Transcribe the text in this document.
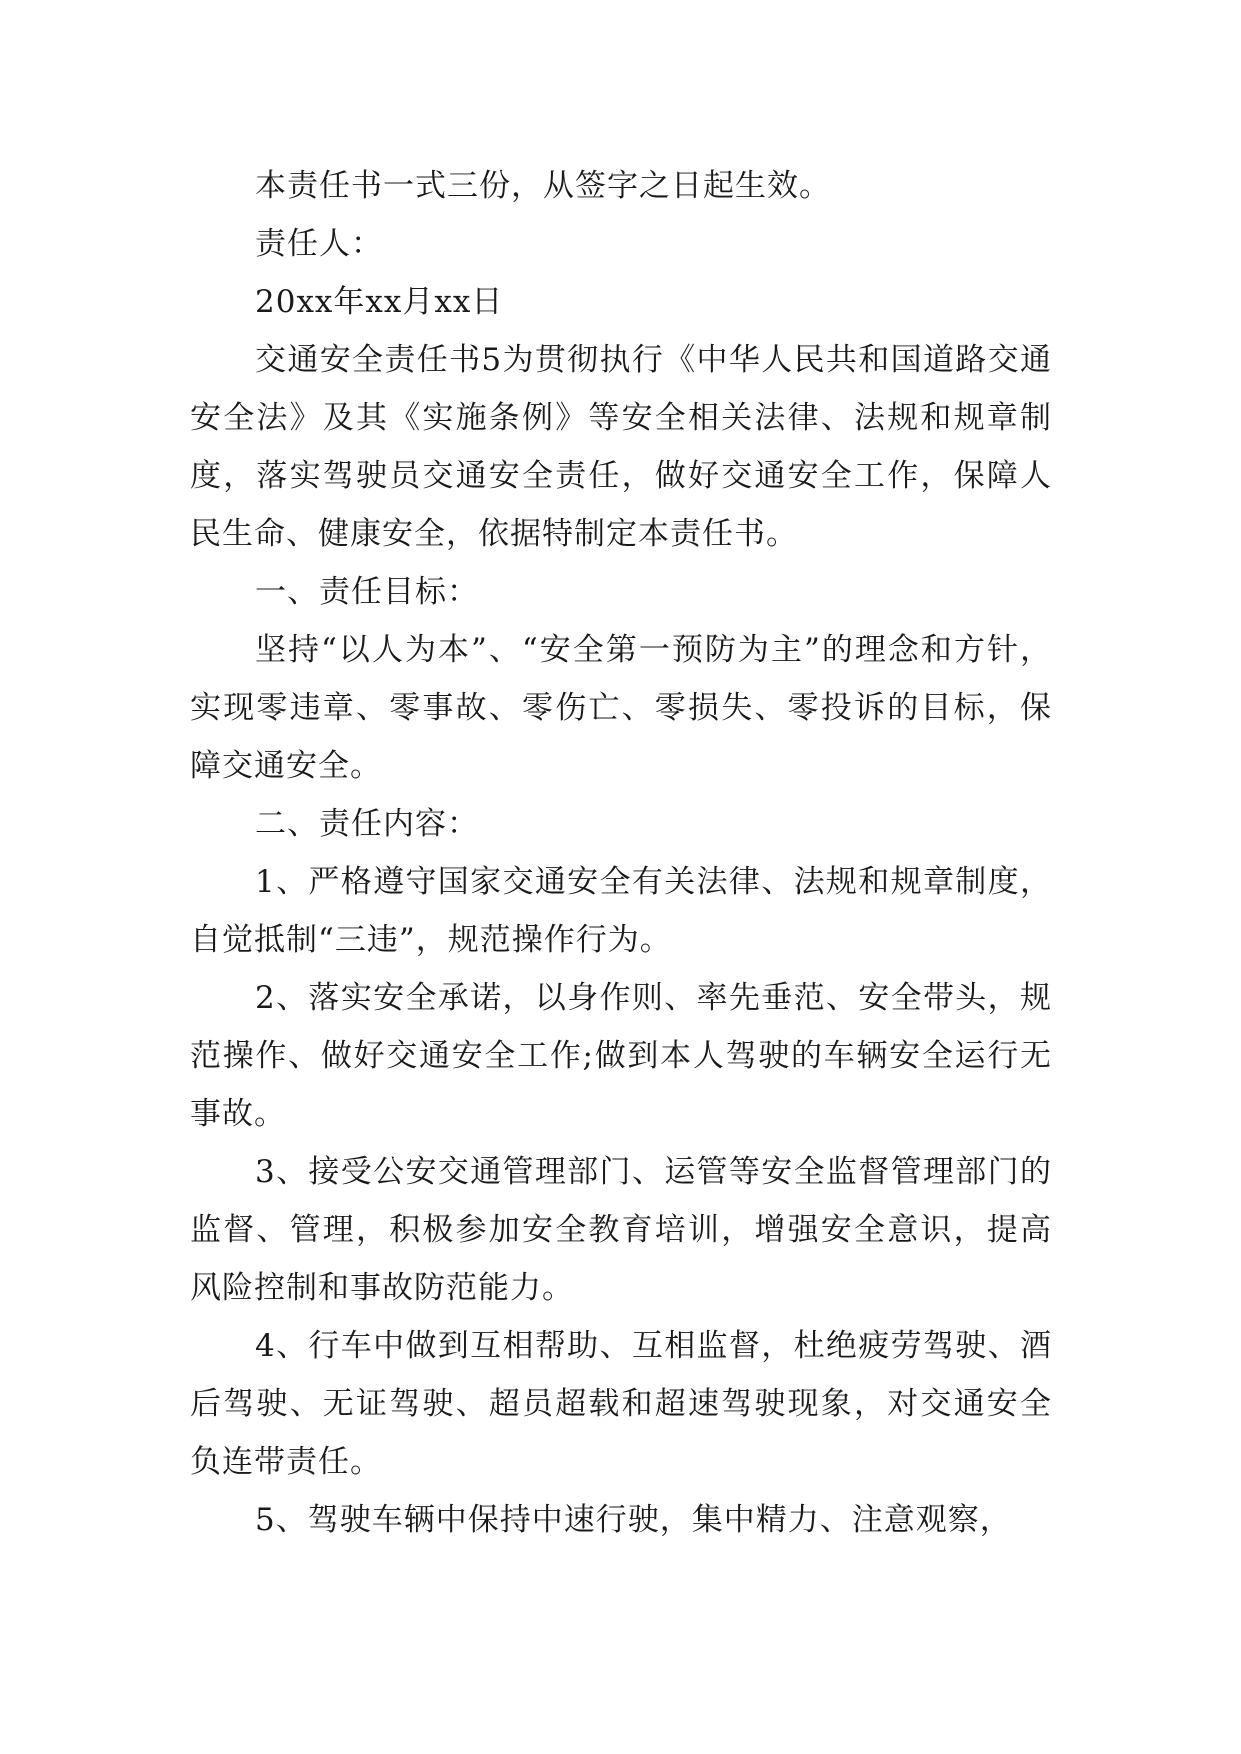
本责任书一式三份，从签字之日起生效。

责任人：

20xx年xx月xx日

交通安全责任书5为贯彻执行《中华人民共和国道路交通安全法》及其《实施条例》等安全相关法律、法规和规章制度，落实驾驶员交通安全责任，做好交通安全工作，保障人民生命、健康安全，依据特制定本责任书。

一、责任目标：

坚持“以人为本”、“安全第一预防为主”的理念和方针，实现零违章、零事故、零伤亡、零损失、零投诉的目标，保障交通安全。

二、责任内容：

1、严格遵守国家交通安全有关法律、法规和规章制度，自觉抵制“三违”，规范操作行为。

2、落实安全承诺，以身作则、率先垂范、安全带头，规范操作、做好交通安全工作;做到本人驾驶的车辆安全运行无事故。

3、接受公安交通管理部门、运管等安全监督管理部门的监督、管理，积极参加安全教育培训，增强安全意识，提高风险控制和事故防范能力。

4、行车中做到互相帮助、互相监督，杜绝疲劳驾驶、酒后驾驶、无证驾驶、超员超载和超速驾驶现象，对交通安全负连带责任。

5、驾驶车辆中保持中速行驶，集中精力、注意观察，
